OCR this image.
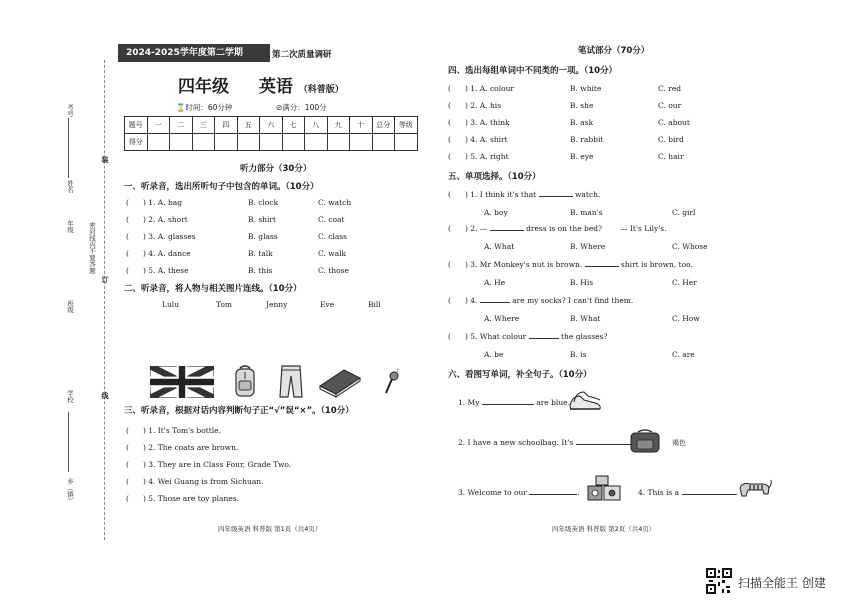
考号
姓名
装
年级 密封线内不要答题
班级
订
学校	线
乡（镇）
2024-2025学年度第二学期	第二次质量调研
四年级 英语 （科普版）
⌛时间：60分钟	⊘满分：100分
题号	一	二	三	四	五	六	七	八	九	十	总分	等级
得分												
听力部分（30分）
一、听录音，选出所听句子中包含的单词。（10分）
( ) 1. A. bag	B. clock	C. watch
( ) 2. A. short	B. shirt	C. coat
( ) 3. A. glasses	B. glass	C. class
( ) 4. A. dance	B. talk	C. walk
( ) 5. A. these	B. this	C. those
二、听录音，将人物与相关图片连线。（10分）
Lulu	Tom	Jenny	Eve	Bill
♪
三、听录音，根据对话内容判断句子正“√”误“×”。（10分）
( ) 1. It's Tom's bottle.
( ) 2. The coats are brown.
( ) 3. They are in Class Four, Grade Two.
( ) 4. Wei Guang is from Sichuan.
( ) 5. Those are toy planes.
四年级英语 科普版 第1页（共4页）
笔试部分（70分）
四、选出每组单词中不同类的一项。（10分）
( ) 1. A. colour	B. white	C. red
( ) 2. A. his	B. she	C. our
( ) 3. A. think	B. ask	C. about
( ) 4. A. shirt	B. rabbit	C. bird
( ) 5. A. right	B. eye	C. hair
五、单项选择。（10分）
( ) 1. I think it's that	watch.
A. boy	B. man's	C. girl
( ) 2. —	dress is on the bed? — It's Lily's.
A. What	B. Where	C. Whose
( ) 3. Mr Monkey's nut is brown.	shirt is brown, too.
A. He	B. His	C. Her
( ) 4.	are my socks? I can't find them.
A. Where	B. What	C. How
( ) 5. What colour	the glasses?
A. be	B. is	C. are
六、看图写单词，补全句子。（10分）
1. My	are blue.
2. I have a new schoolbag. It's	褐色
3. Welcome to our	.	4. This is a	.
四年级英语 科普版 第2页（共4页）
扫描全能王 创建
